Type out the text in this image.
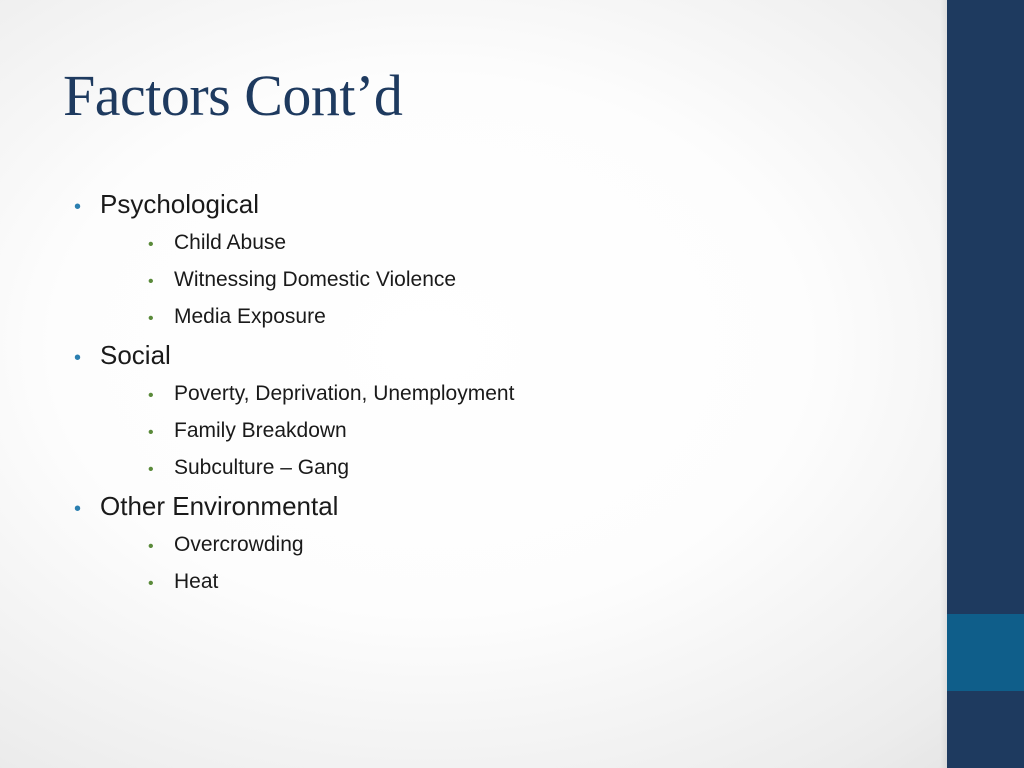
Factors Cont’d
• Psychological
• Child Abuse
• Witnessing Domestic Violence
• Media Exposure
• Social
• Poverty, Deprivation, Unemployment
• Family Breakdown
• Subculture – Gang
• Other Environmental
• Overcrowding
• Heat
